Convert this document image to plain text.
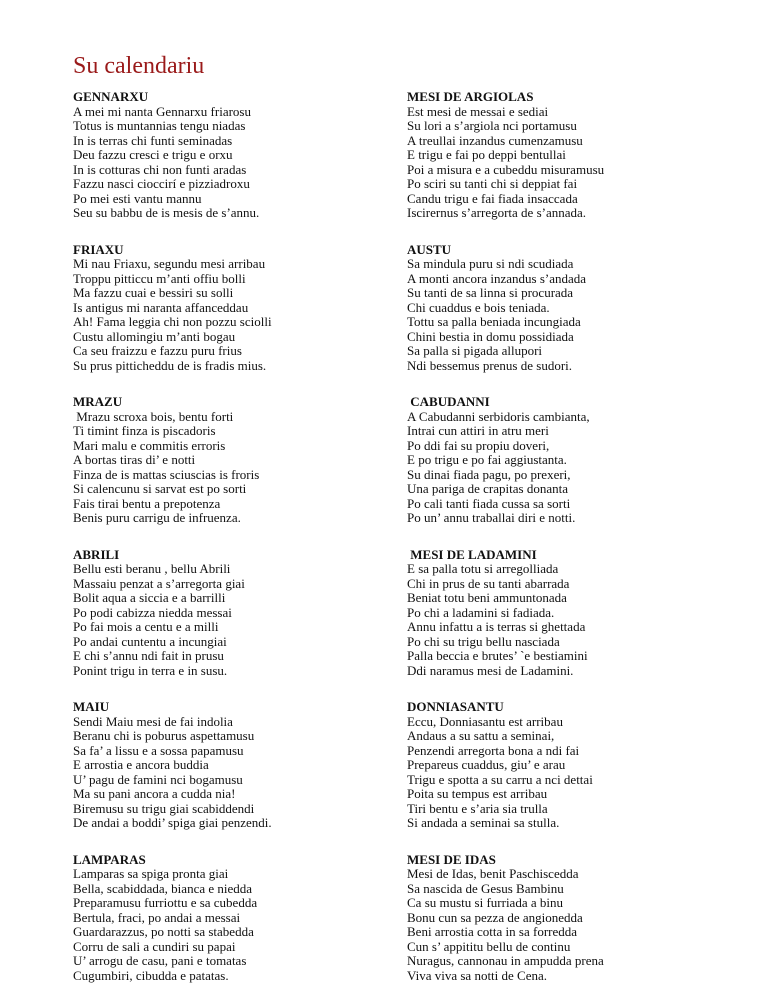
Su calendariu
GENNARXU
A mei mi nanta Gennarxu friarosu
Totus is muntannias tengu niadas
In is terras chi funti seminadas
Deu fazzu cresci e trigu e orxu
In is cotturas chi non funti aradas
Fazzu nasci cioccirí e pizziadroxu
Po mei esti vantu mannu
Seu su babbu de is mesis de s’annu.
FRIAXU
Mi nau Friaxu, segundu mesi arribau
Troppu pitticcu m’anti offiu bolli
Ma fazzu cuai e bessiri su solli
Is antigus mi naranta affanceddau
Ah! Fama leggia chi non pozzu sciolli
Custu allomingiu m’anti bogau
Ca seu fraizzu e fazzu puru frius
Su prus pitticheddu de is fradis mius.
MRAZU
Mrazu scroxa bois, bentu forti
Ti timint finza is piscadoris
Mari malu e commitis erroris
A bortas tiras di’ e notti
Finza de is mattas sciuscias is froris
Si calencunu si sarvat est po sorti
Fais tirai bentu a prepotenza
Benis puru carrigu de infruenza.
ABRILI
Bellu esti beranu , bellu Abrili
Massaiu penzat a s’arregorta giai
Bolit aqua a siccia e a barrilli
Po podi cabizza niedda messai
Po fai mois a centu e a milli
Po andai cuntentu a incungiai
E chi s’annu ndi fait in prusu
Ponint trigu in terra e in susu.
MAIU
Sendi Maiu mesi de fai indolia
Beranu chi is poburus aspettamusu
Sa fa’ a lissu e a sossa papamusu
E arrostia e ancora buddia
U’ pagu de famini nci bogamusu
Ma su pani ancora a cudda nia!
Biremusu su trigu giai scabiddendi
De andai a boddi’ spiga giai penzendi.
LAMPARAS
Lamparas sa spiga pronta giai
Bella, scabiddada, bianca e niedda
Preparamusu furriottu e sa cubedda
Bertula, fraci, po andai a messai
Guardarazzus, po notti sa stabedda
Corru de sali a cundiri su papai
U’ arrogu de casu, pani e tomatas
Cugumbiri, cibudda e patatas.
MESI DE ARGIOLAS
Est mesi de messai e sediai
Su lori a s’argiola nci portamusu
A treullai inzandus cumenzamusu
E trigu e fai po deppi bentullai
Poi a misura e a cubeddu misuramusu
Po sciri su tanti chi si deppiat fai
Candu trigu e fai fiada insaccada
Iscirernus s’arregorta de s’annada.
AUSTU
Sa mindula puru si ndi scudiada
A monti ancora inzandus s’andada
Su tanti de sa linna si procurada
Chi cuaddus e bois teniada.
Tottu sa palla beniada incungiada
Chini bestia in domu possidiada
Sa palla si pigada allupori
Ndi bessemus prenus de sudori.
CABUDANNI
A Cabudanni serbidoris cambianta,
Intrai cun attiri in atru meri
Po ddi fai su propiu doveri,
E po trigu e po fai aggiustanta.
Su dinai fiada pagu, po prexeri,
Una pariga de crapitas donanta
Po cali tanti fiada cussa sa sorti
Po un’ annu traballai diri e notti.
MESI DE LADAMINI
E sa palla totu si arregolliada
Chi in prus de su tanti abarrada
Beniat totu beni ammuntonada
Po chi a ladamini si fadiada.
Annu infattu a is terras si ghettada
Po chi su trigu bellu nasciada
Palla beccia e brutes’ `e bestiamini
Ddi naramus mesi de Ladamini.
DONNIASANTU
Eccu, Donniasantu est arribau
Andaus a su sattu a seminai,
Penzendi arregorta bona a ndi fai
Prepareus cuaddus, giu’ e arau
Trigu e spotta a su carru a nci dettai
Poita su tempus est arribau
Tiri bentu e s’aria sia trulla
Si andada a seminai sa stulla.
MESI DE IDAS
Mesi de Idas, benit Paschiscedda
Sa nascida de Gesus Bambinu
Ca su mustu si furriada a binu
Bonu cun sa pezza de angionedda
Beni arrostia cotta in sa forredda
Cun s’ appititu bellu de continu
Nuragus, cannonau in ampudda prena
Viva viva sa notti de Cena.
